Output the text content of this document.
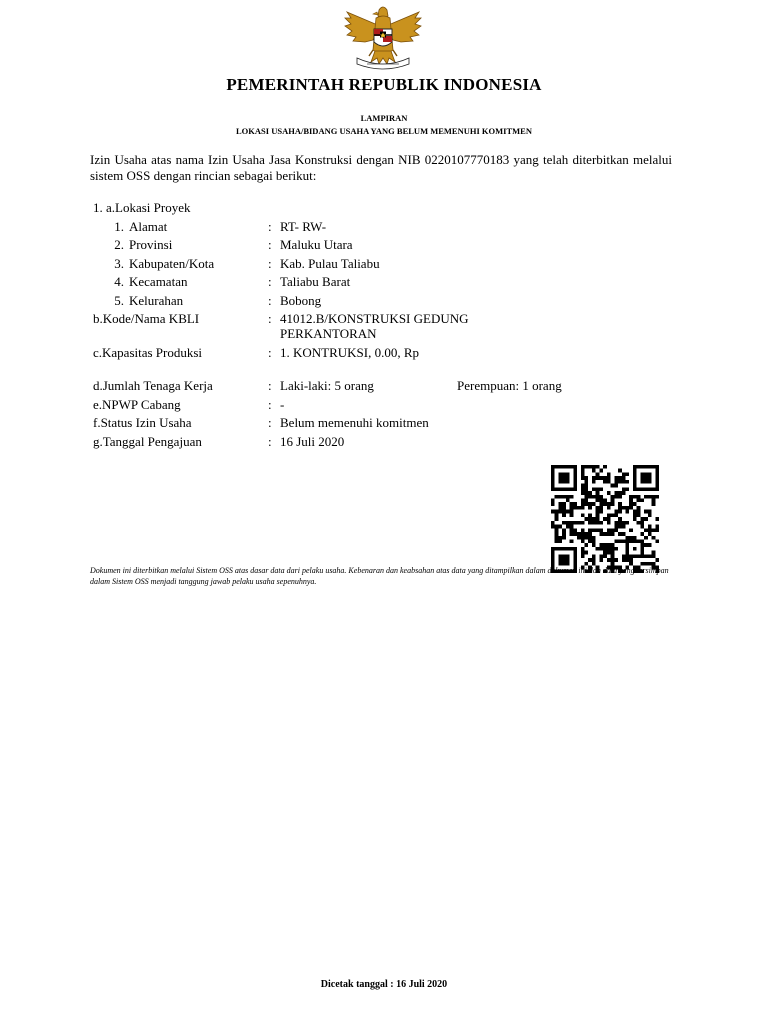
PEMERINTAH REPUBLIK INDONESIA
LAMPIRAN
LOKASI USAHA/BIDANG USAHA YANG BELUM MEMENUHI KOMITMEN
Izin Usaha atas nama Izin Usaha Jasa Konstruksi dengan NIB 0220107770183 yang telah diterbitkan melalui sistem OSS dengan rincian sebagai berikut:
1. a.Lokasi Proyek
1. Alamat	: RT- RW-
2. Provinsi	: Maluku Utara
3. Kabupaten/Kota	: Kab. Pulau Taliabu
4. Kecamatan	: Taliabu Barat
5. Kelurahan	: Bobong
b.Kode/Nama KBLI	: 41012.B/KONSTRUKSI GEDUNG
PERKANTORAN
c.Kapasitas Produksi	: 1. KONTRUKSI, 0.00, Rp
d.Jumlah Tenaga Kerja	: Laki-laki: 5 orang	Perempuan: 1 orang
e.NPWP Cabang	: -
f.Status Izin Usaha	: Belum memenuhi komitmen
g.Tanggal Pengajuan	: 16 Juli 2020
Dokumen ini diterbitkan melalui Sistem OSS atas dasar data dari pelaku usaha. Kebenaran dan keabsahan atas data yang ditampilkan dalam dokumen ini dan data yang tersimpan dalam Sistem OSS menjadi tanggung jawab pelaku usaha sepenuhnya.
Dicetak tanggal : 16 Juli 2020
